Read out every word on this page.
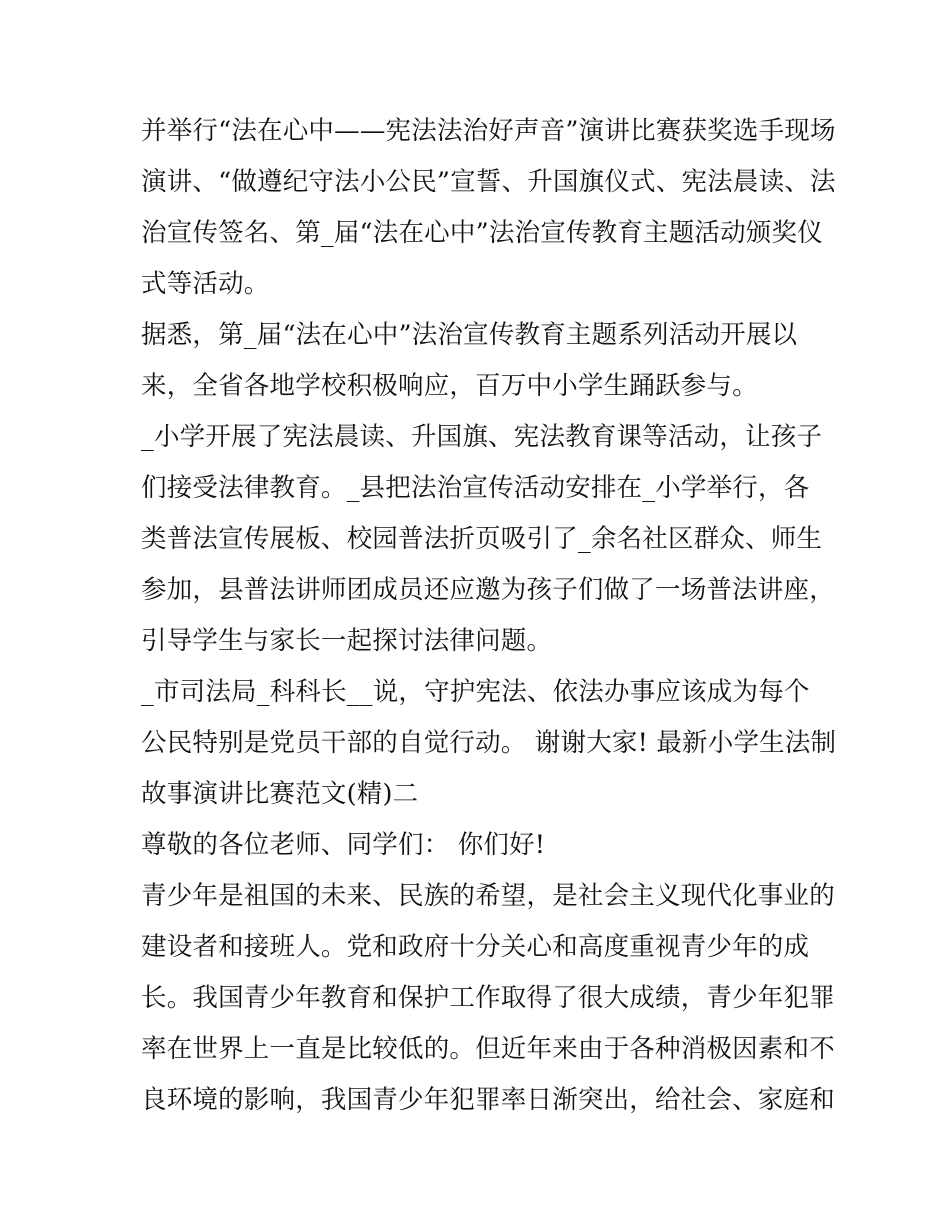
并举行“法在心中——宪法法治好声音”演讲比赛获奖选手现场
演讲、“做遵纪守法小公民”宣誓、升国旗仪式、宪法晨读、法
治宣传签名、第_届“法在心中”法治宣传教育主题活动颁奖仪
式等活动。
据悉，第_届“法在心中”法治宣传教育主题系列活动开展以
来，全省各地学校积极响应，百万中小学生踊跃参与。
_小学开展了宪法晨读、升国旗、宪法教育课等活动，让孩子
们接受法律教育。_县把法治宣传活动安排在_小学举行，各
类普法宣传展板、校园普法折页吸引了_余名社区群众、师生
参加，县普法讲师团成员还应邀为孩子们做了一场普法讲座，
引导学生与家长一起探讨法律问题。
_市司法局_科科长__说，守护宪法、依法办事应该成为每个
公民特别是党员干部的自觉行动。 谢谢大家! 最新小学生法制
故事演讲比赛范文(精)二
尊敬的各位老师、同学们： 你们好!
青少年是祖国的未来、民族的希望，是社会主义现代化事业的
建设者和接班人。党和政府十分关心和高度重视青少年的成
长。我国青少年教育和保护工作取得了很大成绩，青少年犯罪
率在世界上一直是比较低的。但近年来由于各种消极因素和不
良环境的影响，我国青少年犯罪率日渐突出，给社会、家庭和
